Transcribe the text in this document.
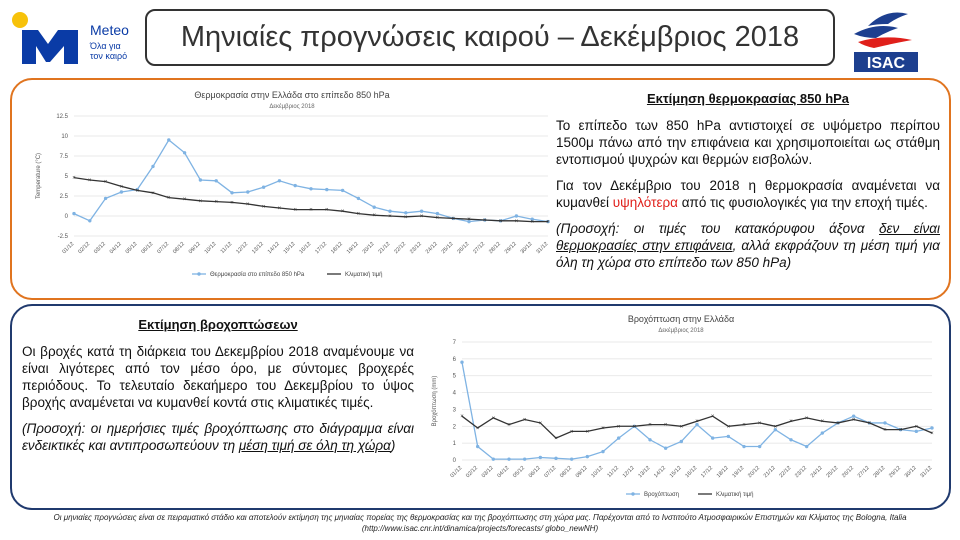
Meteo
Όλα για
τον καιρό
Μηνιαίες προγνώσεις καιρού – Δεκέμβριος 2018
ISAC
Θερμοκρασία στην Ελλάδα στο επίπεδο 850 hPa
Δεκέμβριος 2018
12.5
10
7.5
5
2.5
0
-2.5
Temperature (°C)
01/12 02/12 03/12 04/12 05/12 06/12 07/12 08/12 09/12 10/12 11/12 12/12 13/12 14/12 15/12 16/12 17/12 18/12 19/12 20/12 21/12 22/12 23/12 24/12 25/12 26/12 27/12 28/12 29/12 30/12 31/12
× × ×
×
× ×
× × × × × × × × × × × × × × × × × × × × × × × × ×
Θερμοκρασία στο επίπεδο 850 hPa	Κλιματική τιμή
Εκτίμηση θερμοκρασίας 850 hPa

Το επίπεδο των 850 hPa αντιστοιχεί σε υψόμετρο περίπου 1500μ πάνω από την επιφάνεια και χρησιμοποιείται ως στάθμη εντοπισμού ψυχρών και θερμών εισβολών.

Για τον Δεκέμβριο του 2018 η θερμοκρασία αναμένεται να κυμανθεί υψηλότερα από τις φυσιολογικές για την εποχή τιμές.

(Προσοχή: οι τιμές του κατακόρυφου άξονα δεν είναι θερμοκρασίες στην επιφάνεια, αλλά εκφράζουν τη μέση τιμή για όλη τη χώρα στο επίπεδο των 850 hPa)

Εκτίμηση βροχοπτώσεων

Οι βροχές κατά τη διάρκεια του Δεκεμβρίου 2018 αναμένουμε να είναι λιγότερες από τον μέσο όρο, με σύντομες βροχερές περιόδους. Το τελευταίο δεκαήμερο του Δεκεμβρίου το ύψος βροχής αναμένεται να κυμανθεί κοντά στις κλιματικές τιμές.

(Προσοχή: οι ημερήσιες τιμές βροχόπτωσης στο διάγραμμα είναι ενδεικτικές και αντιπροσωπεύουν τη μέση τιμή σε όλη τη χώρα)

Βροχόπτωση στην Ελλάδα
Δεκέμβριος 2018
7
6
5
4
3
2
1
0
Βροχόπτωση (mm)
01/12 02/12 03/12 04/12 05/12 06/12 07/12 08/12 09/12 10/12 11/12 12/12 13/12 14/12 15/12 16/12 17/12 18/12 19/12 20/12 21/12 22/12 23/12 24/12 25/12 26/12 27/12 28/12 29/12 30/12 31/12
×
×
×
×
×
×
×
× ×
× × × × × ×
×
×
× × ×
×
×
×
× ×
×
×
× ×
×
×
Βροχόπτωση	Κλιματική τιμή
Οι μηνιαίες προγνώσεις είναι σε πειραματικό στάδιο και αποτελούν εκτίμηση της μηνιαίας πορείας της θερμοκρασίας και της βροχόπτωσης στη χώρα μας. Παρέχονται από το Ινστιτούτο Ατμοσφαιρικών Επιστημών και Κλίματος της Bologna, Italia (http://www.isac.cnr.int/dinamica/projects/forecasts/ globo_newNH)
